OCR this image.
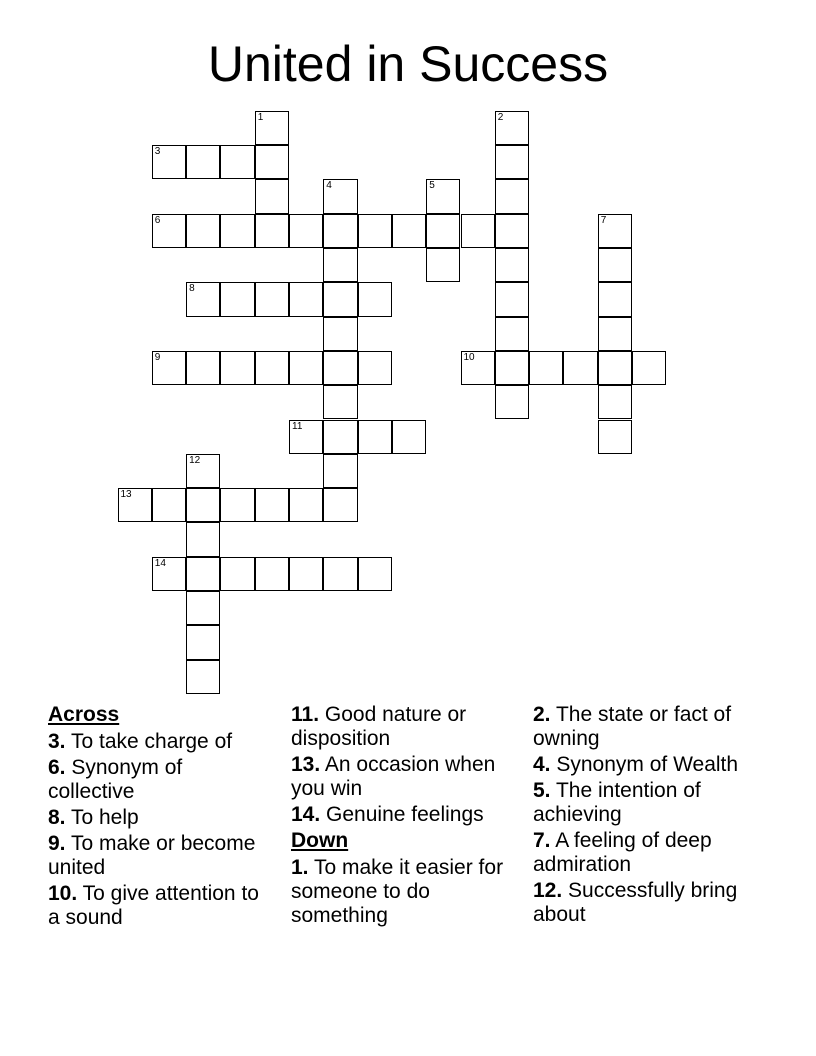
United in Success
1	2
3
4	5
6	7
8
9	10
11
12
13
14
Across
3. To take charge of
6. Synonym of collective
8. To help
9. To make or become united
10. To give attention to a sound
11. Good nature or disposition
13. An occasion when you win
14. Genuine feelings
Down
1. To make it easier for someone to do something
2. The state or fact of owning
4. Synonym of Wealth
5. The intention of achieving
7. A feeling of deep admiration
12. Successfully bring about
